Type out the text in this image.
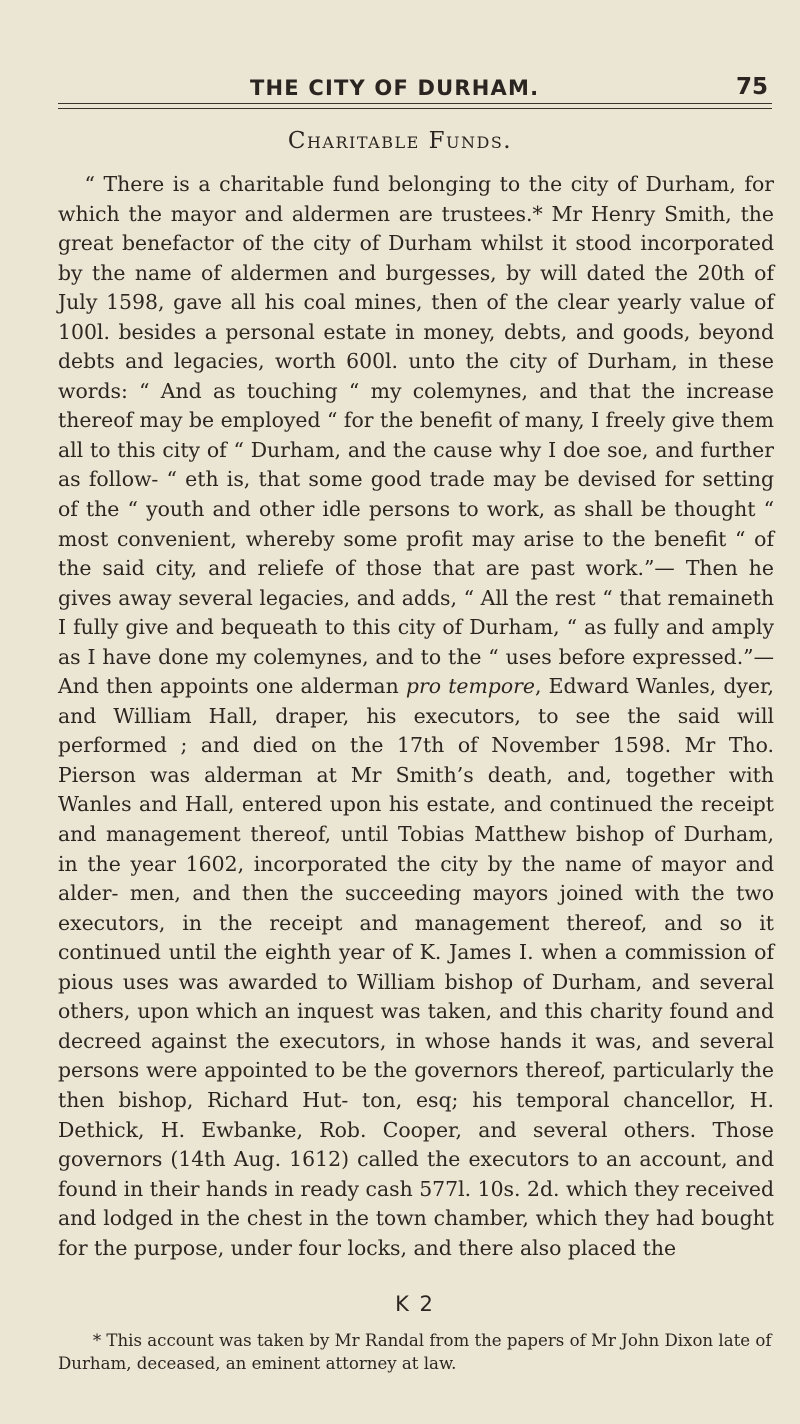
THE CITY OF DURHAM.	75
Charitable Funds.

“ There is a charitable fund belonging to the city of Durham, for which the mayor and aldermen are trustees.* Mr Henry Smith, the great benefactor of the city of Durham whilst it stood incorporated by the name of aldermen and burgesses, by will dated the 20th of July 1598, gave all his coal mines, then of the clear yearly value of 100l. besides a personal estate in money, debts, and goods, beyond debts and legacies, worth 600l. unto the city of Durham, in these words: “ And as touching “ my colemynes, and that the increase thereof may be employed “ for the benefit of many, I freely give them all to this city of “ Durham, and the cause why I doe soe, and further as follow- “ eth is, that some good trade may be devised for setting of the “ youth and other idle persons to work, as shall be thought “ most convenient, whereby some profit may arise to the benefit “ of the said city, and reliefe of those that are past work.”— Then he gives away several legacies, and adds, “ All the rest “ that remaineth I fully give and bequeath to this city of Durham, “ as fully and amply as I have done my colemynes, and to the “ uses before expressed.”—And then appoints one alderman pro tempore, Edward Wanles, dyer, and William Hall, draper, his executors, to see the said will performed ; and died on the 17th of November 1598. Mr Tho. Pierson was alderman at Mr Smith’s death, and, together with Wanles and Hall, entered upon his estate, and continued the receipt and management thereof, until Tobias Matthew bishop of Durham, in the year 1602, incorporated the city by the name of mayor and alder- men, and then the succeeding mayors joined with the two executors, in the receipt and management thereof, and so it continued until the eighth year of K. James I. when a commission of pious uses was awarded to William bishop of Durham, and several others, upon which an inquest was taken, and this charity found and decreed against the executors, in whose hands it was, and several persons were appointed to be the governors thereof, particularly the then bishop, Richard Hut- ton, esq; his temporal chancellor, H. Dethick, H. Ewbanke, Rob. Cooper, and several others. Those governors (14th Aug. 1612) called the executors to an account, and found in their hands in ready cash 577l. 10s. 2d. which they received and lodged in the chest in the town chamber, which they had bought for the purpose, under four locks, and there also placed the

K 2

* This account was taken by Mr Randal from the papers of Mr John Dixon late of Durham, deceased, an eminent attorney at law.
